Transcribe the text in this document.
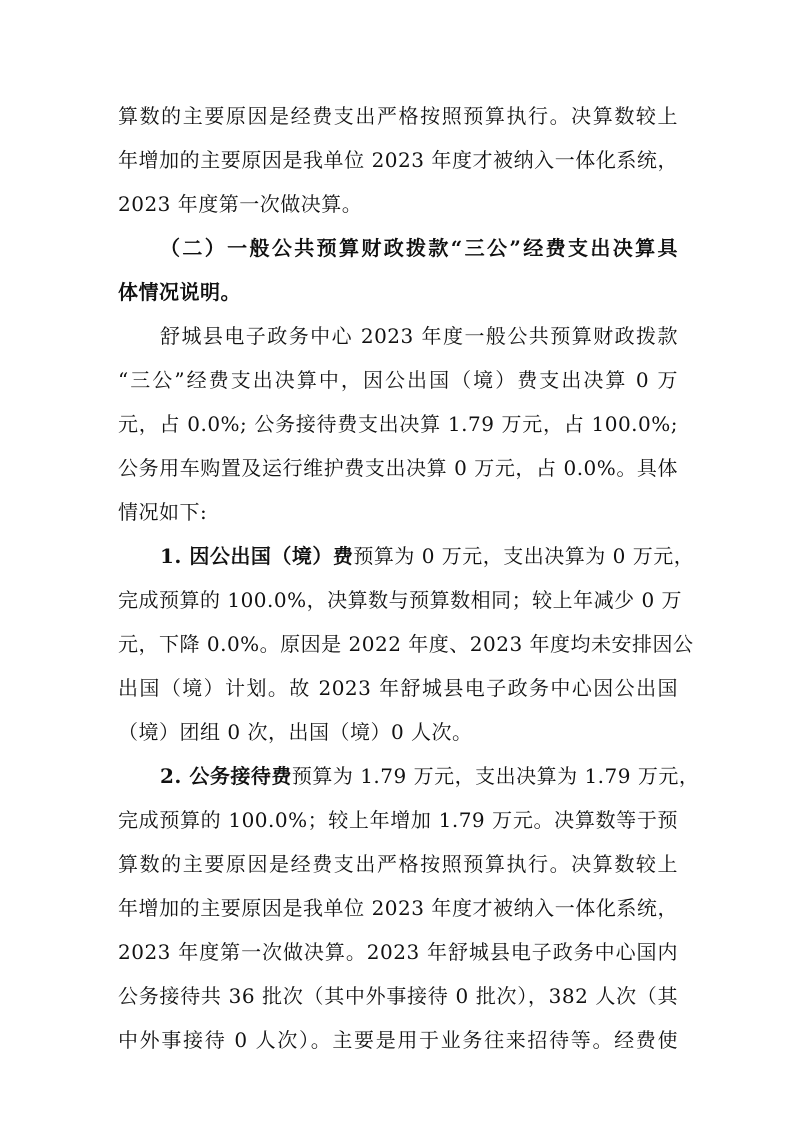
算数的主要原因是经费支出严格按照预算执行。决算数较上
年增加的主要原因是我单位 2023 年度才被纳入一体化系统，
2023 年度第一次做决算。
（二）一般公共预算财政拨款“三公”经费支出决算具
体情况说明。
舒城县电子政务中心 2023 年度一般公共预算财政拨款
“三公”经费支出决算中，因公出国（境）费支出决算 0 万
元，占 0.0%; 公务接待费支出决算 1.79 万元，占 100.0%;
公务用车购置及运行维护费支出决算 0 万元，占 0.0%。具体
情况如下:
1. 因公出国（境）费预算为 0 万元，支出决算为 0 万元，
完成预算的 100.0%，决算数与预算数相同；较上年减少 0 万
元，下降 0.0%。原因是 2022 年度、2023 年度均未安排因公
出国（境）计划。故 2023 年舒城县电子政务中心因公出国
（境）团组 0 次，出国（境）0 人次。
2. 公务接待费预算为 1.79 万元，支出决算为 1.79 万元，
完成预算的 100.0%；较上年增加 1.79 万元。决算数等于预
算数的主要原因是经费支出严格按照预算执行。决算数较上
年增加的主要原因是我单位 2023 年度才被纳入一体化系统，
2023 年度第一次做决算。2023 年舒城县电子政务中心国内
公务接待共 36 批次（其中外事接待 0 批次），382 人次（其
中外事接待 0 人次）。主要是用于业务往来招待等。经费使
